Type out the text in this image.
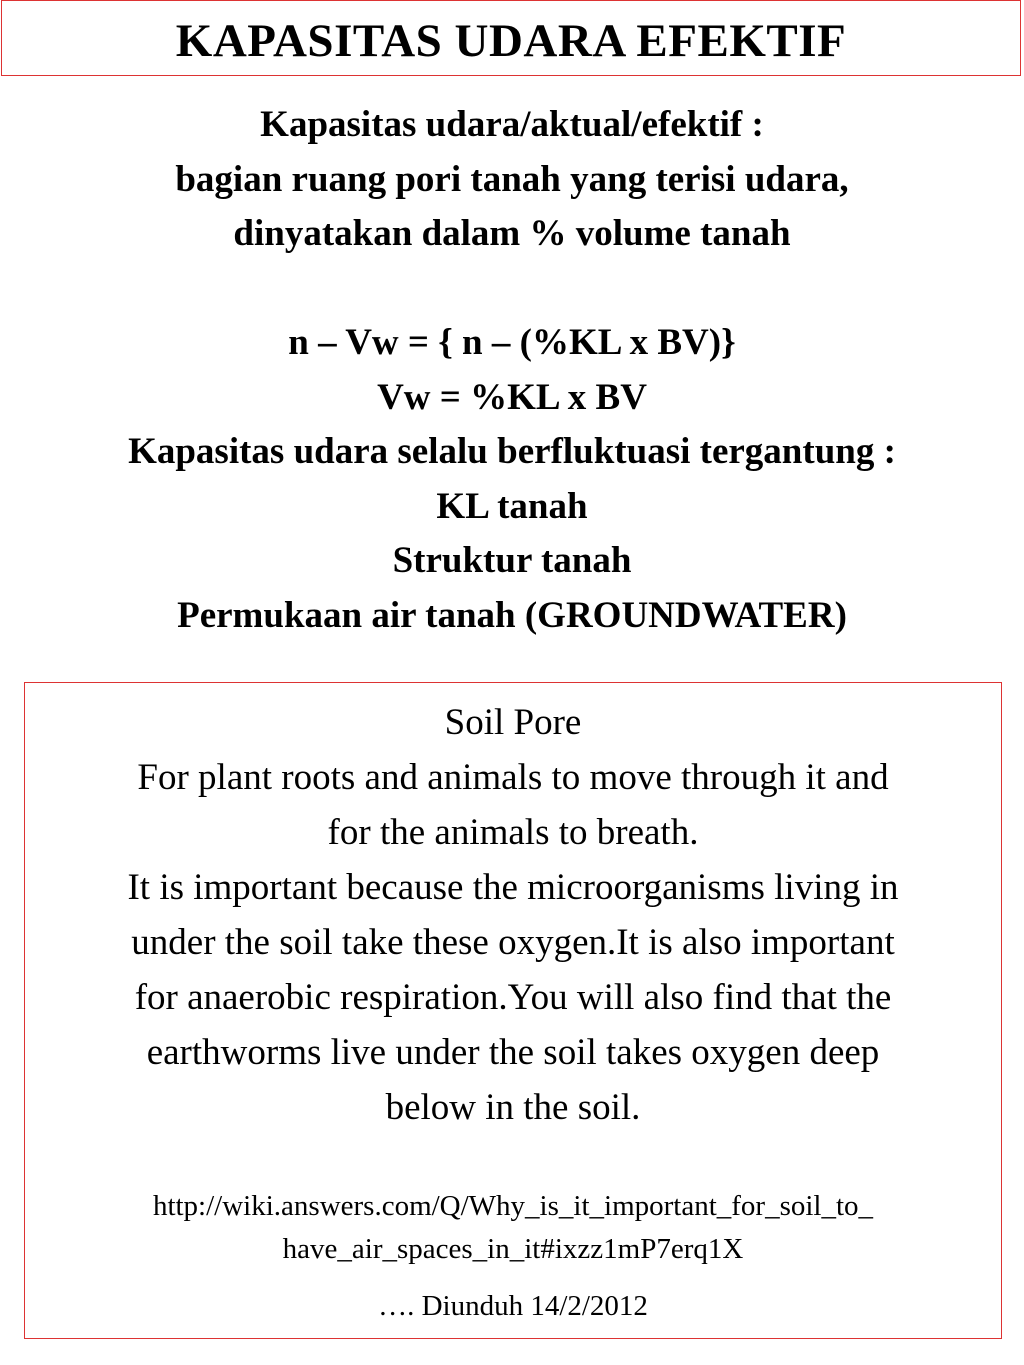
KAPASITAS UDARA EFEKTIF
Kapasitas udara/aktual/efektif :
bagian ruang pori tanah yang terisi udara,
dinyatakan dalam % volume tanah
n – Vw = { n – (%KL x BV)}
Vw = %KL x BV
Kapasitas udara selalu berfluktuasi tergantung :
KL tanah
Struktur tanah
Permukaan air tanah (GROUNDWATER)
Soil Pore
For plant roots and animals to move through it and
for the animals to breath.
It is important because the microorganisms living in
under the soil take these oxygen.It is also important
for anaerobic respiration.You will also find that the
earthworms live under the soil takes oxygen deep
below in the soil.
http://wiki.answers.com/Q/Why_is_it_important_for_soil_to_
have_air_spaces_in_it#ixzz1mP7erq1X
…. Diunduh 14/2/2012
